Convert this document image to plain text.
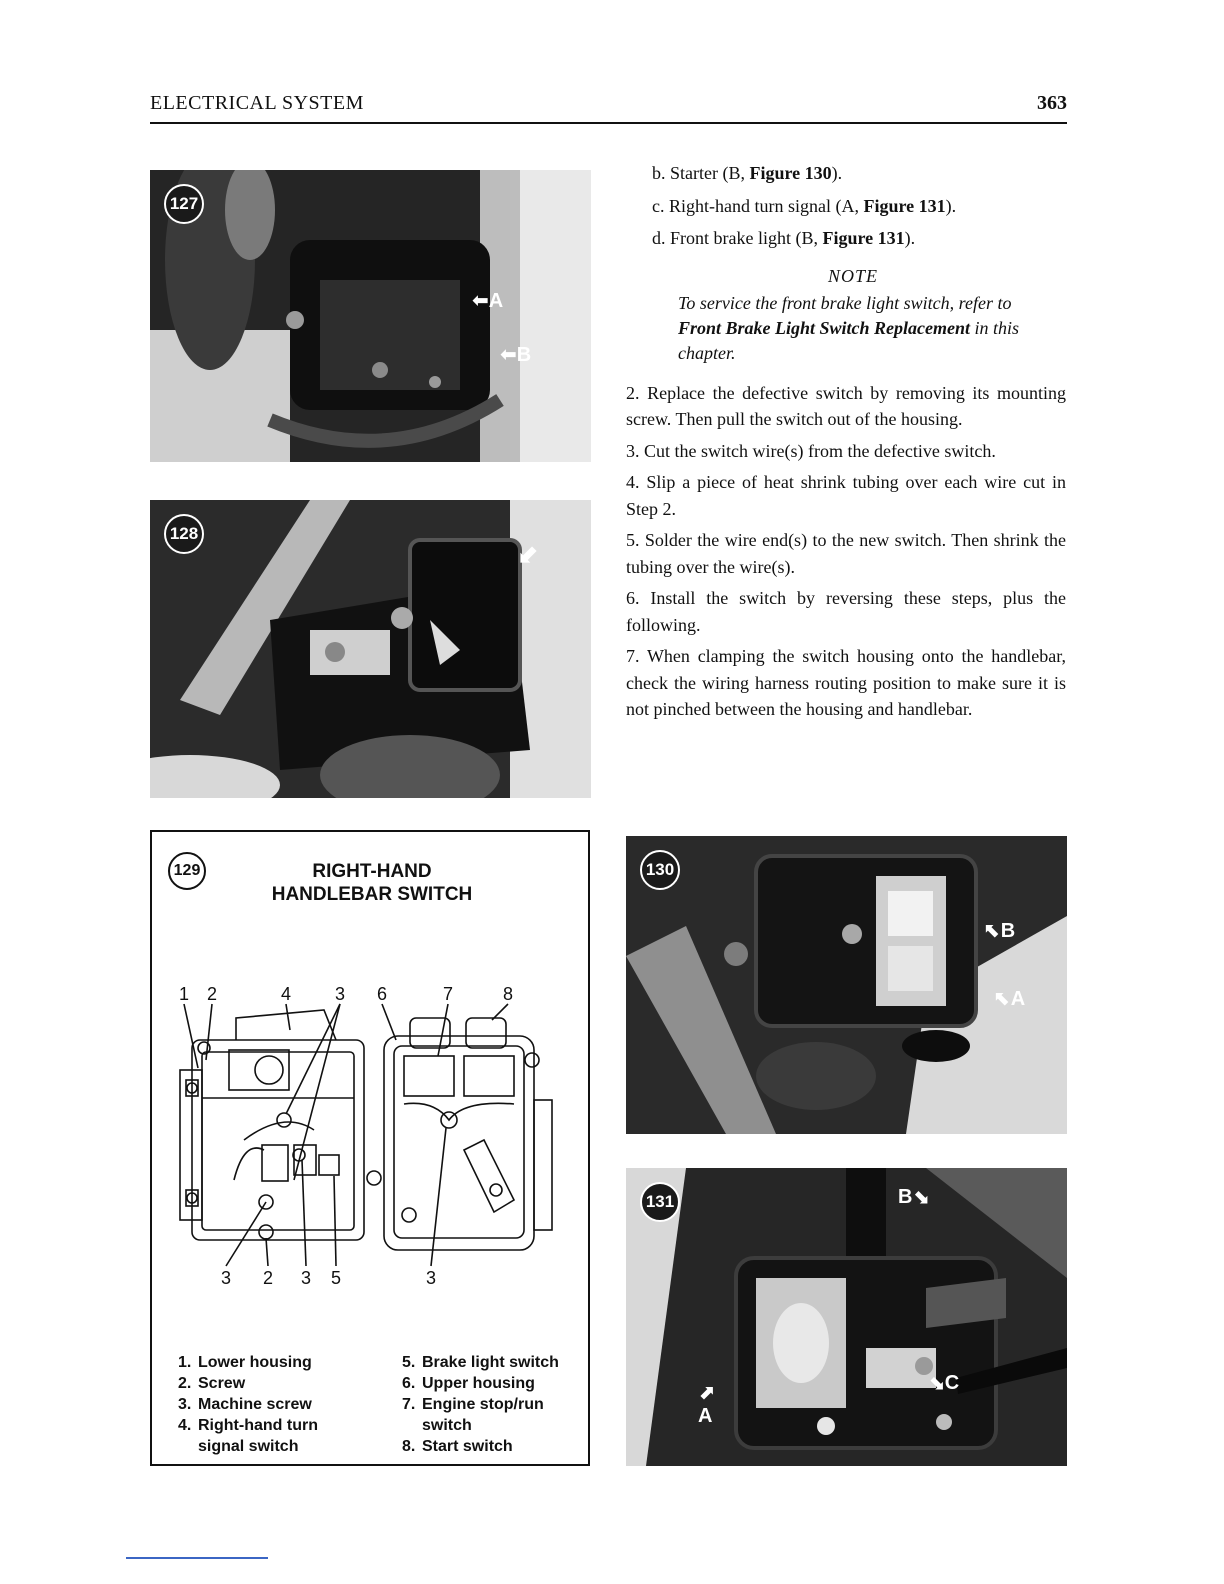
ELECTRICAL SYSTEM	363
127
⬅A
⬅B
128
⬋
129	RIGHT-HAND
HANDLEBAR SWITCH
1 2	4 3 6	7	8
3 2 3 5	3
1. Lower housing
2. Screw
3. Machine screw
4. Right-hand turn signal switch
5. Brake light switch
6. Upper housing
7. Engine stop/run switch
8. Start switch

b. Starter (B, Figure 130).

c. Right-hand turn signal (A, Figure 131).

d. Front brake light (B, Figure 131).

NOTE
To service the front brake light switch, refer to Front Brake Light Switch Replacement in this chapter.

2. Replace the defective switch by removing its mounting screw. Then pull the switch out of the housing.

3. Cut the switch wire(s) from the defective switch.

4. Slip a piece of heat shrink tubing over each wire cut in Step 2.

5. Solder the wire end(s) to the new switch. Then shrink the tubing over the wire(s).

6. Install the switch by reversing these steps, plus the following.

7. When clamping the switch housing onto the handlebar, check the wiring harness routing position to make sure it is not pinched between the housing and handlebar.

130
⬉B
⬉A
131	B⬊
⬈
A
⬊C
